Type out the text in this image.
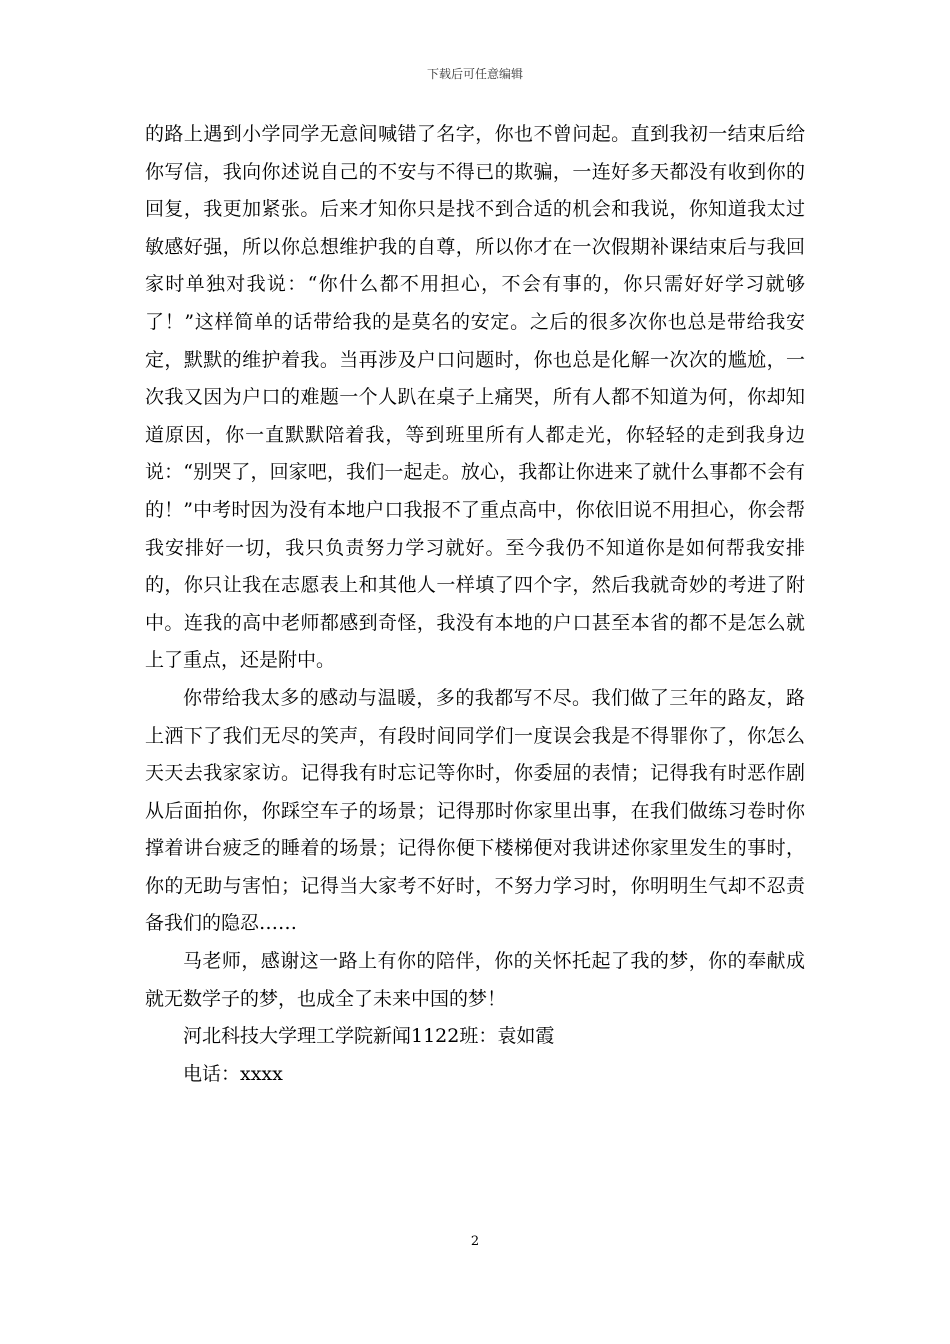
下载后可任意编辑

的路上遇到小学同学无意间喊错了名字，你也不曾问起。直到我初一结束后给你写信，我向你述说自己的不安与不得已的欺骗，一连好多天都没有收到你的回复，我更加紧张。后来才知你只是找不到合适的机会和我说，你知道我太过敏感好强，所以你总想维护我的自尊，所以你才在一次假期补课结束后与我回家时单独对我说：“你什么都不用担心，不会有事的，你只需好好学习就够了！”这样简单的话带给我的是莫名的安定。之后的很多次你也总是带给我安定，默默的维护着我。当再涉及户口问题时，你也总是化解一次次的尴尬，一次我又因为户口的难题一个人趴在桌子上痛哭，所有人都不知道为何，你却知道原因，你一直默默陪着我，等到班里所有人都走光，你轻轻的走到我身边说：“别哭了，回家吧，我们一起走。放心，我都让你进来了就什么事都不会有的！”中考时因为没有本地户口我报不了重点高中，你依旧说不用担心，你会帮我安排好一切，我只负责努力学习就好。至今我仍不知道你是如何帮我安排的，你只让我在志愿表上和其他人一样填了四个字，然后我就奇妙的考进了附中。连我的高中老师都感到奇怪，我没有本地的户口甚至本省的都不是怎么就上了重点，还是附中。

你带给我太多的感动与温暖，多的我都写不尽。我们做了三年的路友，路上洒下了我们无尽的笑声，有段时间同学们一度误会我是不得罪你了，你怎么天天去我家家访。记得我有时忘记等你时，你委屈的表情；记得我有时恶作剧从后面拍你，你踩空车子的场景；记得那时你家里出事，在我们做练习卷时你撑着讲台疲乏的睡着的场景；记得你便下楼梯便对我讲述你家里发生的事时，你的无助与害怕；记得当大家考不好时，不努力学习时，你明明生气却不忍责备我们的隐忍……

马老师，感谢这一路上有你的陪伴，你的关怀托起了我的梦，你的奉献成就无数学子的梦，也成全了未来中国的梦！

河北科技大学理工学院新闻1122班：袁如霞

电话：xxxx

2
